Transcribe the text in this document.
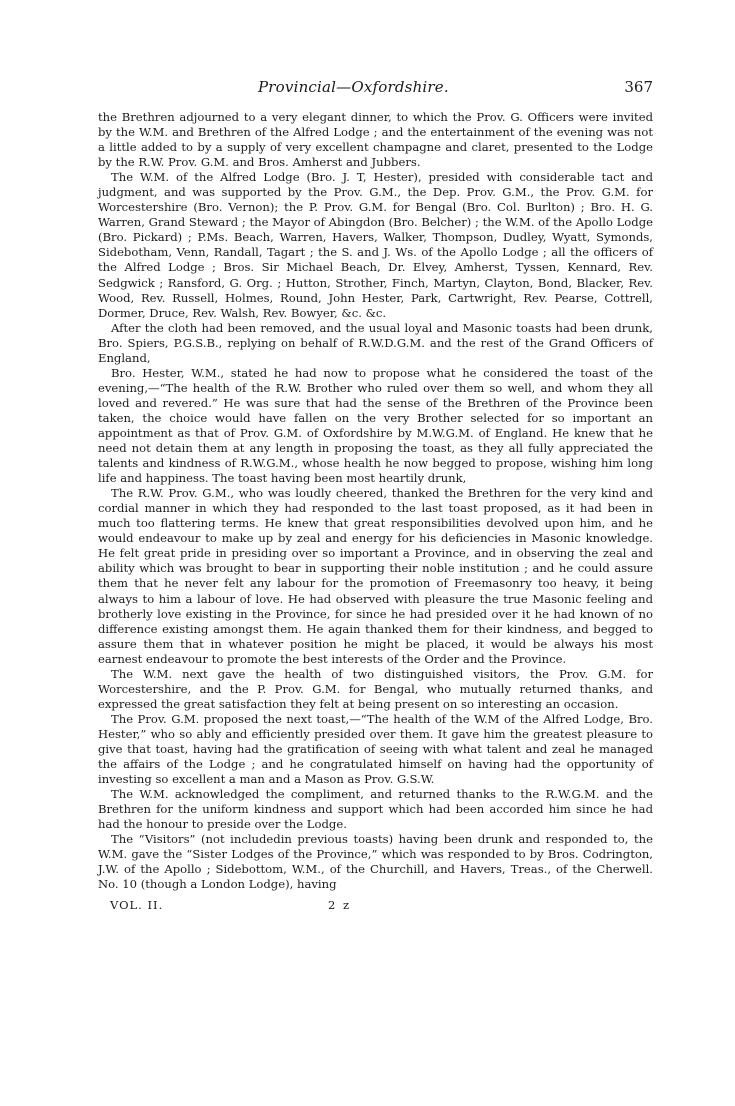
Provincial—Oxfordshire.	367

the Brethren adjourned to a very elegant dinner, to which the Prov. G. Officers were invited by the W.M. and Brethren of the Alfred Lodge ; and the entertainment of the evening was not a little added to by a supply of very excellent champagne and claret, presented to the Lodge by the R.W. Prov. G.M. and Bros. Amherst and Jubbers.

The W.M. of the Alfred Lodge (Bro. J. T, Hester), presided with considerable tact and judgment, and was supported by the Prov. G.M., the Dep. Prov. G.M., the Prov. G.M. for Worcestershire (Bro. Vernon); the P. Prov. G.M. for Bengal (Bro. Col. Burlton) ; Bro. H. G. Warren, Grand Steward ; the Mayor of Abingdon (Bro. Belcher) ; the W.M. of the Apollo Lodge (Bro. Pickard) ; P.Ms. Beach, Warren, Havers, Walker, Thompson, Dudley, Wyatt, Symonds, Sidebotham, Venn, Randall, Tagart ; the S. and J. Ws. of the Apollo Lodge ; all the officers of the Alfred Lodge ; Bros. Sir Michael Beach, Dr. Elvey, Amherst, Tyssen, Kennard, Rev. Sedgwick ; Ransford, G. Org. ; Hutton, Strother, Finch, Martyn, Clayton, Bond, Blacker, Rev. Wood, Rev. Russell, Holmes, Round, John Hester, Park, Cartwright, Rev. Pearse, Cottrell, Dormer, Druce, Rev. Walsh, Rev. Bowyer, &c. &c.

After the cloth had been removed, and the usual loyal and Masonic toasts had been drunk, Bro. Spiers, P.G.S.B., replying on behalf of R.W.D.G.M. and the rest of the Grand Officers of England,

Bro. Hester, W.M., stated he had now to propose what he considered the toast of the evening,—“The health of the R.W. Brother who ruled over them so well, and whom they all loved and revered.” He was sure that had the sense of the Brethren of the Province been taken, the choice would have fallen on the very Brother selected for so important an appointment as that of Prov. G.M. of Oxfordshire by M.W.G.M. of England. He knew that he need not detain them at any length in proposing the toast, as they all fully appreciated the talents and kindness of R.W.G.M., whose health he now begged to propose, wishing him long life and happiness. The toast having been most heartily drunk,

The R.W. Prov. G.M., who was loudly cheered, thanked the Brethren for the very kind and cordial manner in which they had responded to the last toast proposed, as it had been in much too flattering terms. He knew that great responsibilities devolved upon him, and he would endeavour to make up by zeal and energy for his deficiencies in Masonic knowledge. He felt great pride in presiding over so important a Province, and in observing the zeal and ability which was brought to bear in supporting their noble institution ; and he could assure them that he never felt any labour for the promotion of Freemasonry too heavy, it being always to him a labour of love. He had observed with pleasure the true Masonic feeling and brotherly love existing in the Province, for since he had presided over it he had known of no difference existing amongst them. He again thanked them for their kindness, and begged to assure them that in whatever position he might be placed, it would be always his most earnest endeavour to promote the best interests of the Order and the Province.

The W.M. next gave the health of two distinguished visitors, the Prov. G.M. for Worcestershire, and the P. Prov. G.M. for Bengal, who mutually returned thanks, and expressed the great satisfaction they felt at being present on so interesting an occasion.

The Prov. G.M. proposed the next toast,—“The health of the W.M of the Alfred Lodge, Bro. Hester,” who so ably and efficiently presided over them. It gave him the greatest pleasure to give that toast, having had the gratification of seeing with what talent and zeal he managed the affairs of the Lodge ; and he congratulated himself on having had the opportunity of investing so excellent a man and a Mason as Prov. G.S.W.

The W.M. acknowledged the compliment, and returned thanks to the R.W.G.M. and the Brethren for the uniform kindness and support which had been accorded him since he had had the honour to preside over the Lodge.

The “Visitors” (not includedin previous toasts) having been drunk and responded to, the W.M. gave the “Sister Lodges of the Province,” which was responded to by Bros. Codrington, J.W. of the Apollo ; Sidebottom, W.M., of the Churchill, and Havers, Treas., of the Cherwell. No. 10 (though a London Lodge), having

VOL. II.	2 z
